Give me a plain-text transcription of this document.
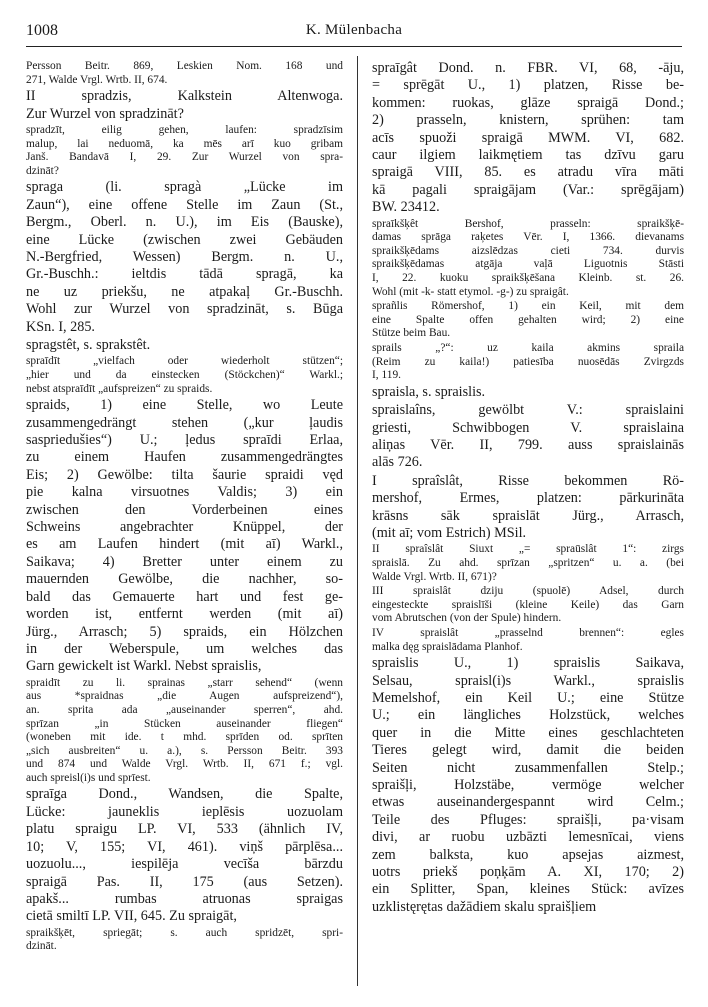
1008	K. Mülenbacha
Persson Beitr. 869, Leskien Nom. 168 und
271, Walde Vrgl. Wrtb. II, 674.
II spradzis, Kalkstein Altenwoga.
Zur Wurzel von spradzināt?
spradzīt, eilig gehen, laufen: spradzīsim
malup, lai neduomā, ka mēs arī kuo gribam
Janš. Bandavā I, 29. Zur Wurzel von spra-
dzināt?
spraga (li. spragà „Lücke im
Zaun“), eine offene Stelle im Zaun (St.,
Bergm., Oberl. n. U.), im Eis (Bauske),
eine Lücke (zwischen zwei Gebäuden
N.-Bergfried, Wessen) Bergm. n. U.,
Gr.-Buschh.: ieltdis tādā spragā, ka
ne uz priekšu, ne atpakaļ Gr.-Buschh.
Wohl zur Wurzel von spradzināt, s. Būga
KSn. I, 285.
spragstêt, s. sprakstêt.
spraīdīt „vielfach oder wiederholt stützen“;
„hier und da einstecken (Stöckchen)“ Warkl.;
nebst atspraīdīt „aufspreizen“ zu spraids.
spraids, 1) eine Stelle, wo Leute
zusammengedrängt stehen („kur ļaudis
saspriedušies“) U.; ļedus spraīdi Erlaa,
zu einem Haufen zusammengedrängtes
Eis; 2) Gewölbe: tilta šaurie spraidi vęd
pie kalna virsuotnes Valdis; 3) ein
zwischen den Vorderbeinen eines
Schweins angebrachter Knüppel, der
es am Laufen hindert (mit aī) Warkl.,
Saikava; 4) Bretter unter einem zu
mauernden Gewölbe, die nachher, so-
bald das Gemauerte hart und fest ge-
worden ist, entfernt werden (mit aī)
Jürg., Arrasch; 5) spraids, ein Hölzchen
in der Weberspule, um welches das
Garn gewickelt ist Warkl. Nebst spraislis,
spraidīt zu li. sprainas „starr sehend“ (wenn
aus *spraidnas „die Augen aufspreizend“),
an. sprita ada „auseinander sperren“, ahd.
sprīzan „in Stücken auseinander fliegen“
(woneben mit ide. t mhd. sprīden od. sprīten
„sich ausbreiten“ u. a.), s. Persson Beitr. 393
und 874 und Walde Vrgl. Wrtb. II, 671 f.; vgl.
auch spreisl(i)s und sprīest.
spraīga Dond., Wandsen, die Spalte,
Lücke: jauneklis ieplēsis uozuolam
platu spraigu LP. VI, 533 (ähnlich IV,
10; V, 155; VI, 461). viņš pārplēsa...
uozuolu..., iespilēja vecīša bārzdu
spraigā Pas. II, 175 (aus Setzen).
apakš... rumbas atruonas spraigas
cietā smiltī LP. VII, 645. Zu spraigāt,
spraikšķēt, spriegāt; s. auch spridzēt, spri-
dzināt.
spraīgât Dond. n. FBR. VI, 68, -āju,
= sprēgāt U., 1) platzen, Risse be-
kommen: ruokas, glāze spraigā Dond.;
2) prasseln, knistern, sprühen: tam
acīs spuoži spraigā MWM. VI, 682.
caur ilgiem laikmętiem tas dzīvu garu
spraigā VIII, 85. es atradu vīra māti
kā pagali spraigājam (Var.: sprēgājam)
BW. 23412.
spraīkšķêt Bershof, prasseln: spraikšķē-
damas sprāga raķetes Vēr. I, 1366. dievanams
spraikšķēdams aizslēdzas cieti 734. durvis
spraikšķēdamas atgāja vaļā Liguotnis Stāsti
I, 22. kuoku spraikšķēšana Kleinb. st. 26.
Wohl (mit -k- statt etymol. -g-) zu spraigât.
sprañlis Römershof, 1) ein Keil, mit dem
eine Spalte offen gehalten wird; 2) eine
Stütze beim Bau.
sprails „?“: uz kaila akmins spraila
(Reim zu kaila!) patiesība nuosēdās Zvirgzds
I, 119.
spraisla, s. spraislis.
spraislaîns, gewölbt V.: spraislaini
griesti, Schwibbogen V. spraislaina
aliņas Vēr. II, 799. auss spraislainās
alās 726.
I spraîslât, Risse bekommen Rö-
mershof, Ermes, platzen: pārkurināta
krāsns sāk spraislāt Jürg., Arrasch,
(mit aī; vom Estrich) MSil.
II spraîslât Siuxt „= spraūslât 1“: zirgs
spraislā. Zu ahd. sprīzan „spritzen“ u. a. (bei
Walde Vrgl. Wrtb. II, 671)?
III spraislât dziju (spuolē) Adsel, durch
eingesteckte spraislīši (kleine Keile) das Garn
vom Abrutschen (von der Spule) hindern.
IV spraislât „prasselnd brennen“: egles
malka dęg spraislādama Planhof.
spraislis U., 1) spraislis Saikava,
Selsau, spraisl(i)s Warkl., spraislis
Memelshof, ein Keil U.; eine Stütze
U.; ein längliches Holzstück, welches
quer in die Mitte eines geschlachteten
Tieres gelegt wird, damit die beiden
Seiten nicht zusammenfallen Stelp.;
spraišļi, Holzstäbe, vermöge welcher
etwas auseinandergespannt wird Celm.;
Teile des Pfluges: spraišļi, pa·visam
divi, ar ruobu uzbāzti lemesnīcai, viens
zem balksta, kuo apsejas aizmest,
uotrs priekš poņķām A. XI, 170; 2)
ein Splitter, Span, kleines Stück: avīzes
uzklistęrętas dažādiem skalu spraišļiem
